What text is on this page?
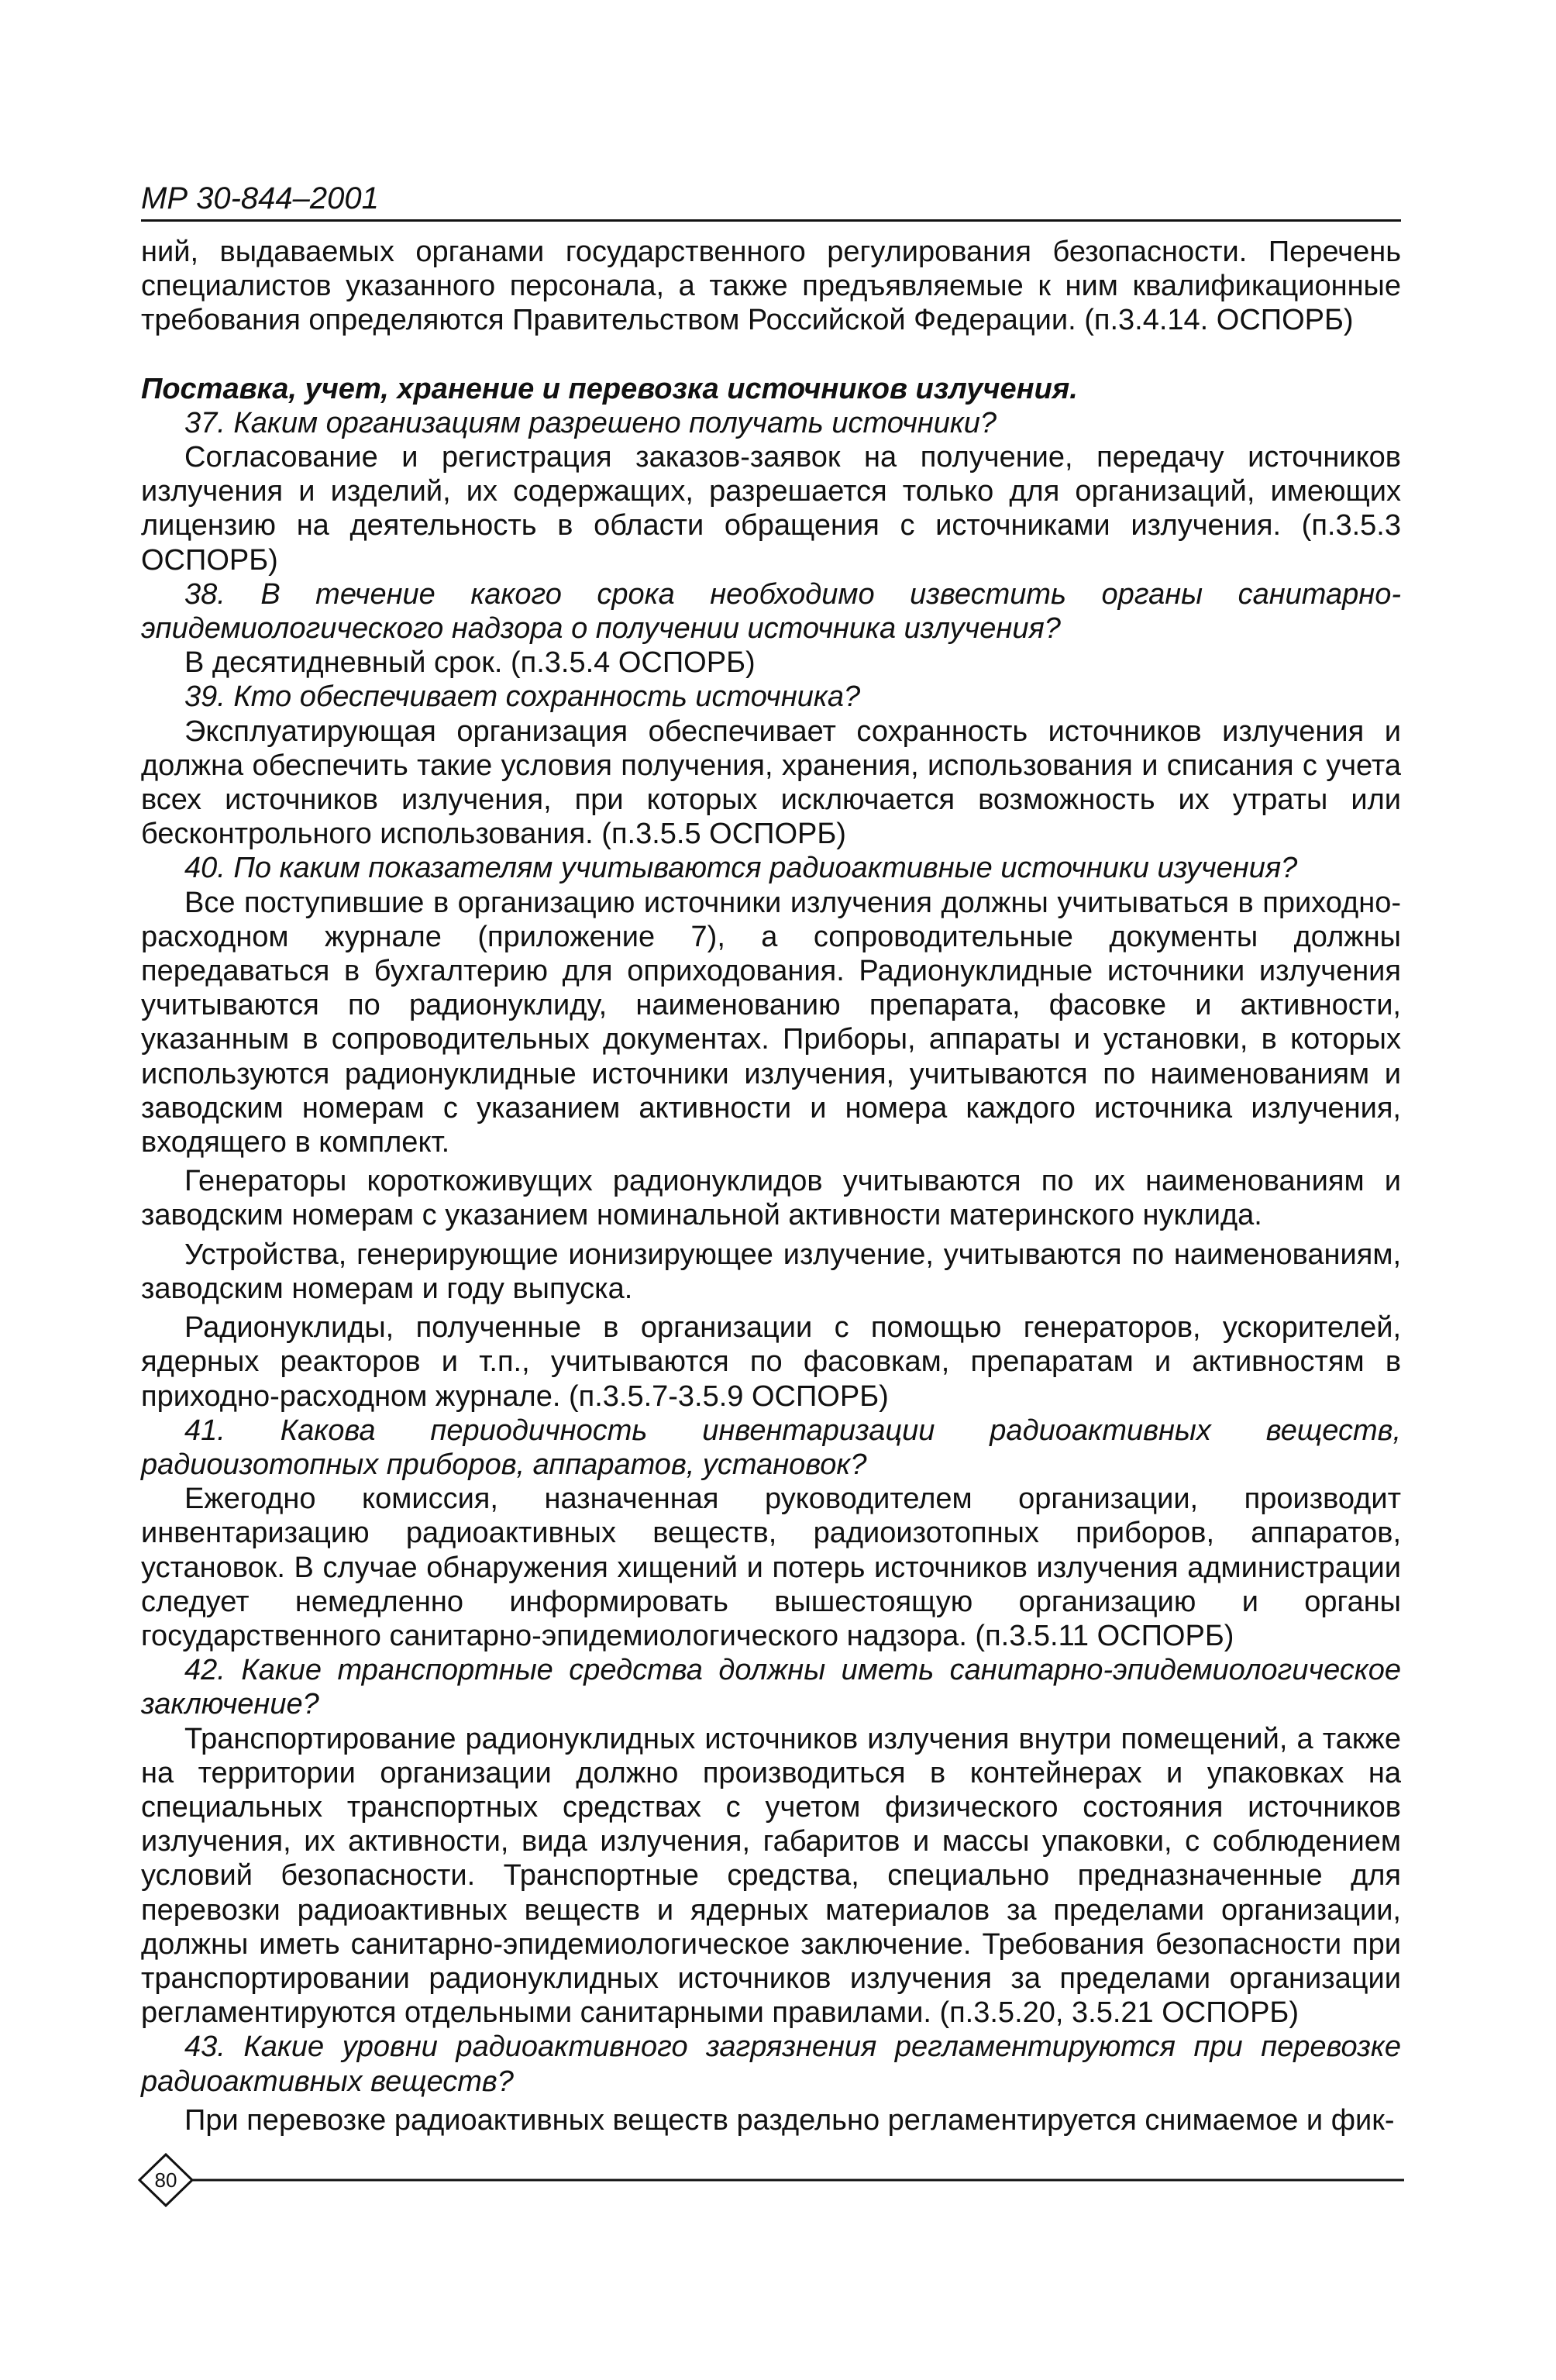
МР 30-844–2001

ний, выдаваемых органами государственного регулирования безопасности. Перечень специалистов указанного персонала, а также предъявляемые к ним квалификационные требования определяются Правительством Российской Федерации. (п.3.4.14. ОСПОРБ)

Поставка, учет, хранение и перевозка источников излучения.

37. Каким организациям разрешено получать источники?

Согласование и регистрация заказов-заявок на получение, передачу источников излучения и изделий, их содержащих, разрешается только для организаций, имеющих лицензию на деятельность в области обращения с источниками излучения. (п.3.5.3 ОСПОРБ)

38. В течение какого срока необходимо известить органы санитарно-эпидемиологического надзора о получении источника излучения?

В десятидневный срок. (п.3.5.4 ОСПОРБ)

39. Кто обеспечивает сохранность источника?

Эксплуатирующая организация обеспечивает сохранность источников излучения и должна обеспечить такие условия получения, хранения, использования и списания с учета всех источников излучения, при которых исключается возможность их утраты или бесконтрольного использования. (п.3.5.5 ОСПОРБ)

40. По каким показателям учитываются радиоактивные источники изучения?

Все поступившие в организацию источники излучения должны учитываться в приходно-расходном журнале (приложение 7), а сопроводительные документы должны передаваться в бухгалтерию для оприходования. Радионуклидные источники излучения учитываются по радионуклиду, наименованию препарата, фасовке и активности, указанным в сопроводительных документах. Приборы, аппараты и установки, в которых используются радионуклидные источники излучения, учитываются по наименованиям и заводским номерам с указанием активности и номера каждого источника излучения, входящего в комплект.

Генераторы короткоживущих радионуклидов учитываются по их наименованиям и заводским номерам с указанием номинальной активности материнского нуклида.

Устройства, генерирующие ионизирующее излучение, учитываются по наименованиям, заводским номерам и году выпуска.

Радионуклиды, полученные в организации с помощью генераторов, ускорителей, ядерных реакторов и т.п., учитываются по фасовкам, препаратам и активностям в приходно-расходном журнале. (п.3.5.7-3.5.9 ОСПОРБ)

41. Какова периодичность инвентаризации радиоактивных веществ, радиоизотопных приборов, аппаратов, установок?

Ежегодно комиссия, назначенная руководителем организации, производит инвентаризацию радиоактивных веществ, радиоизотопных приборов, аппаратов, установок. В случае обнаружения хищений и потерь источников излучения администрации следует немедленно информировать вышестоящую организацию и органы государственного санитарно-эпидемиологического надзора. (п.3.5.11 ОСПОРБ)

42. Какие транспортные средства должны иметь санитарно-эпидемиологическое заключение?

Транспортирование радионуклидных источников излучения внутри помещений, а также на территории организации должно производиться в контейнерах и упаковках на специальных транспортных средствах с учетом физического состояния источников излучения, их активности, вида излучения, габаритов и массы упаковки, с соблюдением условий безопасности. Транспортные средства, специально предназначенные для перевозки радиоактивных веществ и ядерных материалов за пределами организации, должны иметь санитарно-эпидемиологическое заключение. Требования безопасности при транспортировании радионуклидных источников излучения за пределами организации регламентируются отдельными санитарными правилами. (п.3.5.20, 3.5.21 ОСПОРБ)

43. Какие уровни радиоактивного загрязнения регламентируются при перевозке радиоактивных веществ?

При перевозке радиоактивных веществ раздельно регламентируется снимаемое и фик-

80
